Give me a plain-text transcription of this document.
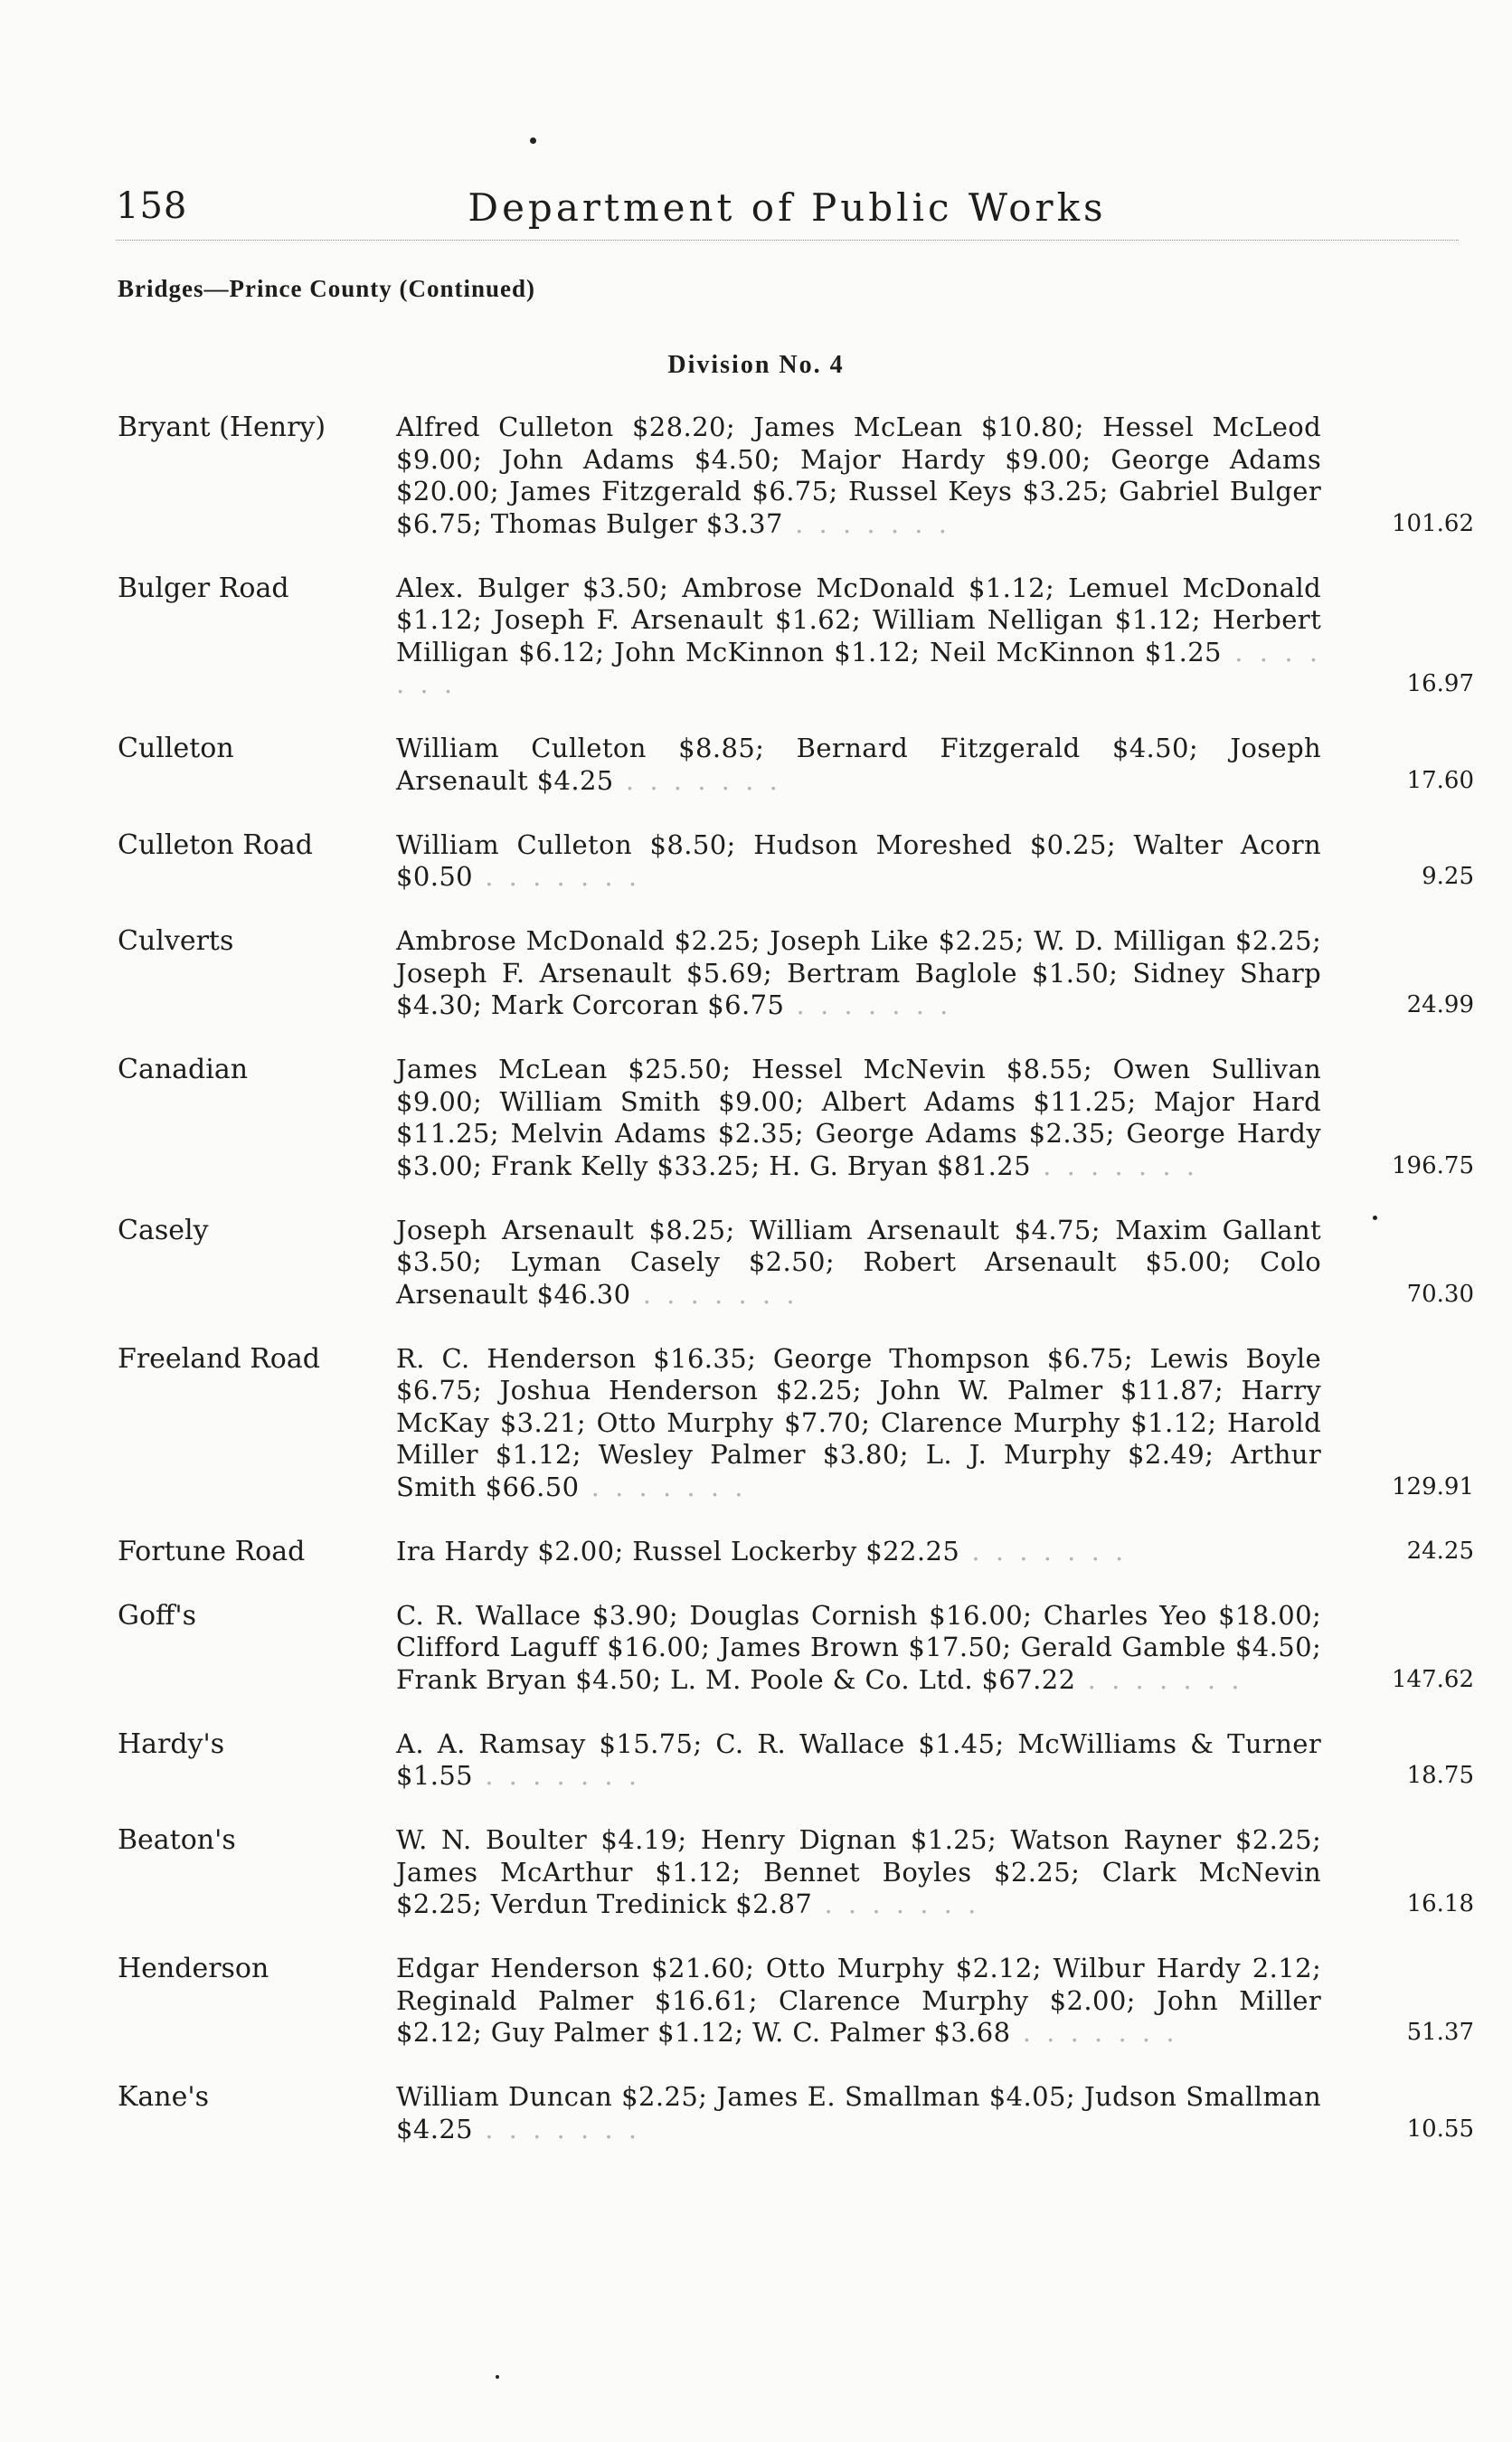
158	Department of Public Works
Bridges—Prince County (Continued)
Division No. 4
Bryant (Henry)	Alfred Culleton $28.20; James McLean $10.80; Hessel McLeod $9.00; John Adams $4.50; Major Hardy $9.00; George Adams $20.00; James Fitzgerald $6.75; Russel Keys $3.25; Gabriel Bulger $6.75; Thomas Bulger $3.37 . . . . . . .	101.62
Bulger Road	Alex. Bulger $3.50; Ambrose McDonald $1.12; Lemuel McDonald $1.12; Joseph F. Arsenault $1.62; William Nelligan $1.12; Herbert Milligan $6.12; John McKinnon $1.12; Neil McKinnon $1.25 . . . . . . .	16.97
Culleton	William Culleton $8.85; Bernard Fitzgerald $4.50; Joseph Arsenault $4.25 . . . . . . .	17.60
Culleton Road	William Culleton $8.50; Hudson Moreshed $0.25; Walter Acorn $0.50 . . . . . . .	9.25
Culverts	Ambrose McDonald $2.25; Joseph Like $2.25; W. D. Milligan $2.25; Joseph F. Arsenault $5.69; Bertram Baglole $1.50; Sidney Sharp $4.30; Mark Corcoran $6.75 . . . . . . .	24.99
Canadian	James McLean $25.50; Hessel McNevin $8.55; Owen Sullivan $9.00; William Smith $9.00; Albert Adams $11.25; Major Hard $11.25; Melvin Adams $2.35; George Adams $2.35; George Hardy $3.00; Frank Kelly $33.25; H. G. Bryan $81.25 . . . . . . .	196.75
Casely	Joseph Arsenault $8.25; William Arsenault $4.75; Maxim Gallant $3.50; Lyman Casely $2.50; Robert Arsenault $5.00; Colo Arsenault $46.30 . . . . . . .	70.30
Freeland Road	R. C. Henderson $16.35; George Thompson $6.75; Lewis Boyle $6.75; Joshua Henderson $2.25; John W. Palmer $11.87; Harry McKay $3.21; Otto Murphy $7.70; Clarence Murphy $1.12; Harold Miller $1.12; Wesley Palmer $3.80; L. J. Murphy $2.49; Arthur Smith $66.50 . . . . . . .	129.91
Fortune Road	Ira Hardy $2.00; Russel Lockerby $22.25 . . . . . . .	24.25
Goff's	C. R. Wallace $3.90; Douglas Cornish $16.00; Charles Yeo $18.00; Clifford Laguff $16.00; James Brown $17.50; Gerald Gamble $4.50; Frank Bryan $4.50; L. M. Poole & Co. Ltd. $67.22 . . . . . . .	147.62
Hardy's	A. A. Ramsay $15.75; C. R. Wallace $1.45; McWilliams & Turner $1.55 . . . . . . .	18.75
Beaton's	W. N. Boulter $4.19; Henry Dignan $1.25; Watson Rayner $2.25; James McArthur $1.12; Bennet Boyles $2.25; Clark McNevin $2.25; Verdun Tredinick $2.87 . . . . . . .	16.18
Henderson	Edgar Henderson $21.60; Otto Murphy $2.12; Wilbur Hardy 2.12; Reginald Palmer $16.61; Clarence Murphy $2.00; John Miller $2.12; Guy Palmer $1.12; W. C. Palmer $3.68 . . . . . . .	51.37
Kane's	William Duncan $2.25; James E. Smallman $4.05; Judson Smallman $4.25 . . . . . . .	10.55
